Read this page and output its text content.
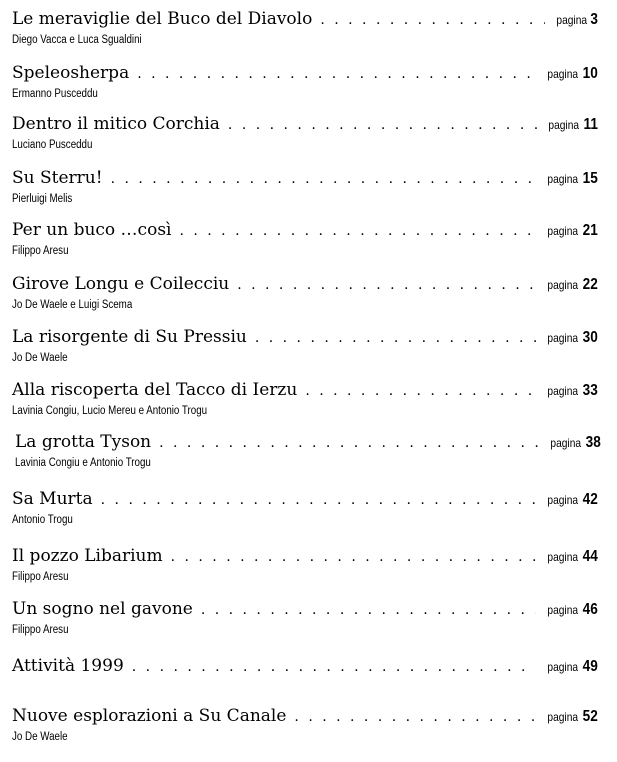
Le meraviglie del Buco del Diavolo . . .	pagina 3
Diego Vacca e Luca Sgualdini
Speleosherpa . . .	pagina 10
Ermanno Pusceddu
Dentro il mitico Corchia . . .	pagina 11
Luciano Pusceddu
Su Sterru! . . .	pagina 15
Pierluigi Melis
Per un buco …così . . .	pagina 21
Filippo Aresu
Girove Longu e Coilecciu . . .	pagina 22
Jo De Waele e Luigi Scema
La risorgente di Su Pressiu . . .	pagina 30
Jo De Waele
Alla riscoperta del Tacco di Ierzu . . .	pagina 33
Lavinia Congiu, Lucio Mereu e Antonio Trogu
La grotta Tyson . . .	pagina 38
Lavinia Congiu e Antonio Trogu
Sa Murta . . .	pagina 42
Antonio Trogu
Il pozzo Libarium . . .	pagina 44
Filippo Aresu
Un sogno nel gavone . . .	pagina 46
Filippo Aresu
Attività 1999 . . .	pagina 49
Nuove esplorazioni a Su Canale . . .	pagina 52
Jo De Waele
